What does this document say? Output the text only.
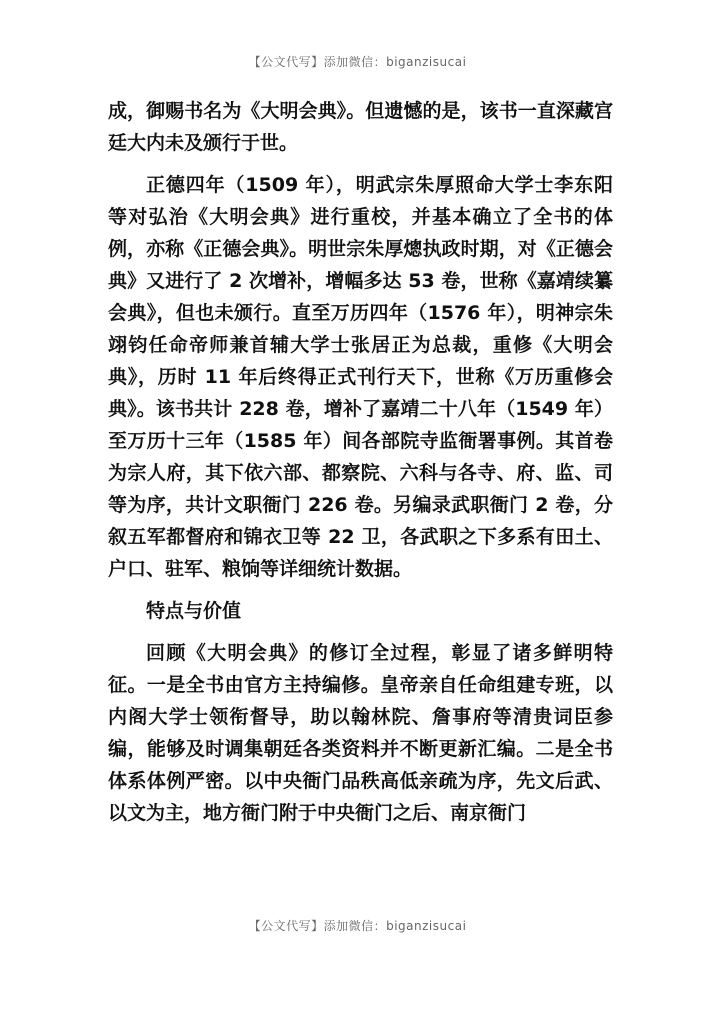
【公文代写】添加微信：biganzisucai

成，御赐书名为《大明会典》。但遗憾的是，该书一直深藏宫廷大内未及颁行于世。

正德四年（1509 年），明武宗朱厚照命大学士李东阳等对弘治《大明会典》进行重校，并基本确立了全书的体例，亦称《正德会典》。明世宗朱厚熜执政时期，对《正德会典》又进行了 2 次增补，增幅多达 53 卷，世称《嘉靖续纂会典》，但也未颁行。直至万历四年（1576 年），明神宗朱翊钧任命帝师兼首辅大学士张居正为总裁，重修《大明会典》，历时 11 年后终得正式刊行天下，世称《万历重修会典》。该书共计 228 卷，增补了嘉靖二十八年（1549 年）至万历十三年（1585 年）间各部院寺监衙署事例。其首卷为宗人府，其下依六部、都察院、六科与各寺、府、监、司等为序，共计文职衙门 226 卷。另编录武职衙门 2 卷，分叙五军都督府和锦衣卫等 22 卫，各武职之下多系有田土、户口、驻军、粮饷等详细统计数据。

特点与价值

回顾《大明会典》的修订全过程，彰显了诸多鲜明特征。一是全书由官方主持编修。皇帝亲自任命组建专班，以内阁大学士领衔督导，助以翰林院、詹事府等清贵词臣参编，能够及时调集朝廷各类资料并不断更新汇编。二是全书体系体例严密。以中央衙门品秩高低亲疏为序，先文后武、以文为主，地方衙门附于中央衙门之后、南京衙门

【公文代写】添加微信：biganzisucai
